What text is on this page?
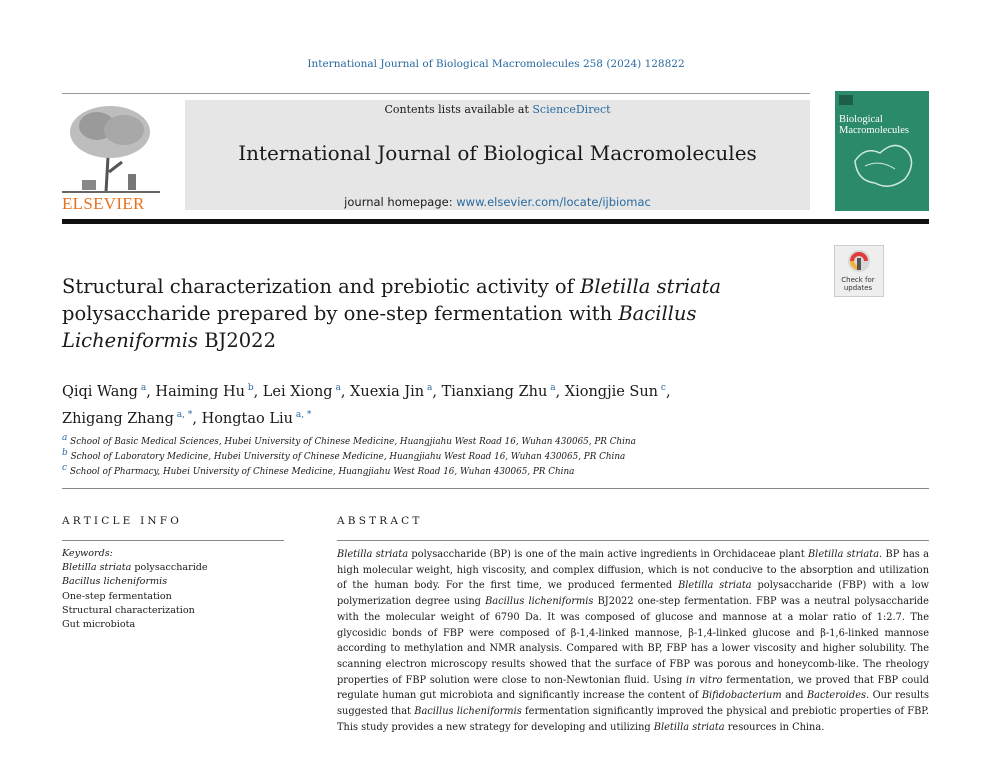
International Journal of Biological Macromolecules 258 (2024) 128822
ELSEVIER
Contents lists available at ScienceDirect
International Journal of Biological Macromolecules
journal homepage: www.elsevier.com/locate/ijbiomac
Biological Macromolecules
Check for updates
Structural characterization and prebiotic activity of Bletilla striata polysaccharide prepared by one-step fermentation with Bacillus Licheniformis BJ2022
Qiqi Wang $^a$, Haiming Hu $^b$, Lei Xiong $^a$, Xuexia Jin $^a$, Tianxiang Zhu $^a$, Xiongjie Sun $^c$,
Zhigang Zhang $^{a, *}$, Hongtao Liu $^{a, *}$
$^a$ School of Basic Medical Sciences, Hubei University of Chinese Medicine, Huangjiahu West Road 16, Wuhan 430065, PR China
$^b$ School of Laboratory Medicine, Hubei University of Chinese Medicine, Huangjiahu West Road 16, Wuhan 430065, PR China
$^c$ School of Pharmacy, Hubei University of Chinese Medicine, Huangjiahu West Road 16, Wuhan 430065, PR China
ARTICLE INFO	ABSTRACT
Keywords:
Bletilla striata polysaccharide
Bacillus licheniformis
One-step fermentation
Structural characterization
Gut microbiota
Bletilla striata polysaccharide (BP) is one of the main active ingredients in Orchidaceae plant Bletilla striata. BP has a high molecular weight, high viscosity, and complex diffusion, which is not conducive to the absorption and utilization of the human body. For the first time, we produced fermented Bletilla striata polysaccharide (FBP) with a low polymerization degree using Bacillus licheniformis BJ2022 one-step fermentation. FBP was a neutral polysaccharide with the molecular weight of 6790 Da. It was composed of glucose and mannose at a molar ratio of 1:2.7. The glycosidic bonds of FBP were composed of β-1,4-linked mannose, β-1,4-linked glucose and β-1,6-linked mannose according to methylation and NMR analysis. Compared with BP, FBP has a lower viscosity and higher solubility. The scanning electron microscopy results showed that the surface of FBP was porous and honeycomb-like. The rheology properties of FBP solution were close to non-Newtonian fluid. Using in vitro fermentation, we proved that FBP could regulate human gut microbiota and significantly increase the content of Bifidobacterium and Bacteroides. Our results suggested that Bacillus licheniformis fermentation significantly improved the physical and prebiotic properties of FBP. This study provides a new strategy for developing and utilizing Bletilla striata resources in China.
